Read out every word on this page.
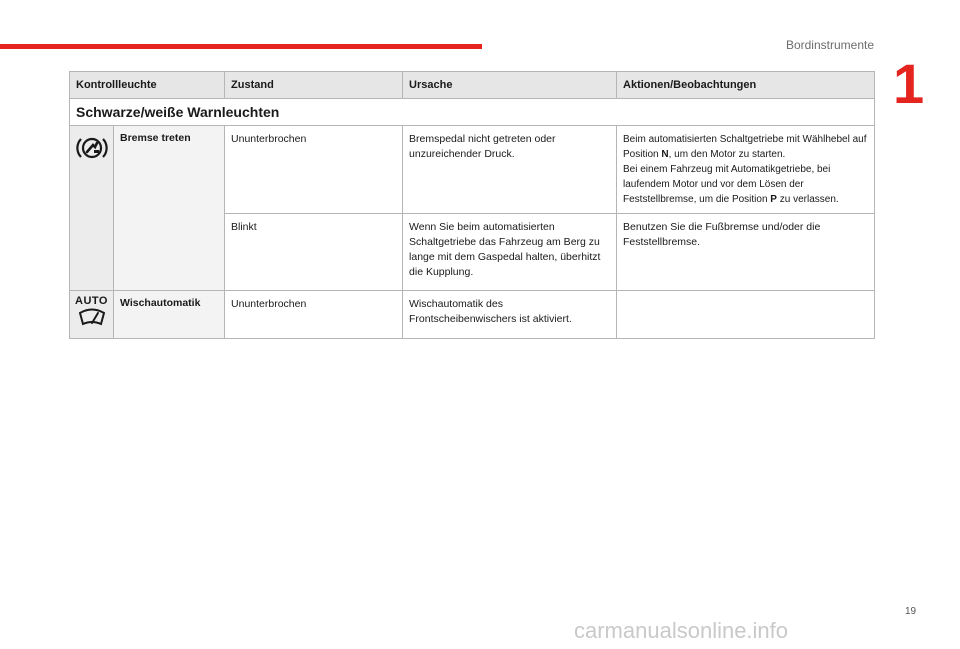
Bordinstrumente
1
Kontrollleuchte		Zustand	Ursache	Aktionen/Beobachtungen
Schwarze/weiße Warnleuchten				
	Bremse treten	Ununterbrochen	Bremspedal nicht getreten oder unzureichender Druck.	Beim automatisierten Schaltgetriebe mit Wählhebel auf Position N, um den Motor zu starten.
Bei einem Fahrzeug mit Automatikgetriebe, bei laufendem Motor und vor dem Lösen der Feststellbremse, um die Position P zu verlassen.
		Blinkt	Wenn Sie beim automatisierten Schaltgetriebe das Fahrzeug am Berg zu lange mit dem Gaspedal halten, überhitzt die Kupplung.	Benutzen Sie die Fußbremse und/oder die Feststellbremse.

AUTO	Wischautomatik	Ununterbrochen	Wischautomatik des Frontscheibenwischers ist aktiviert.	
19
carmanualsonline.info
